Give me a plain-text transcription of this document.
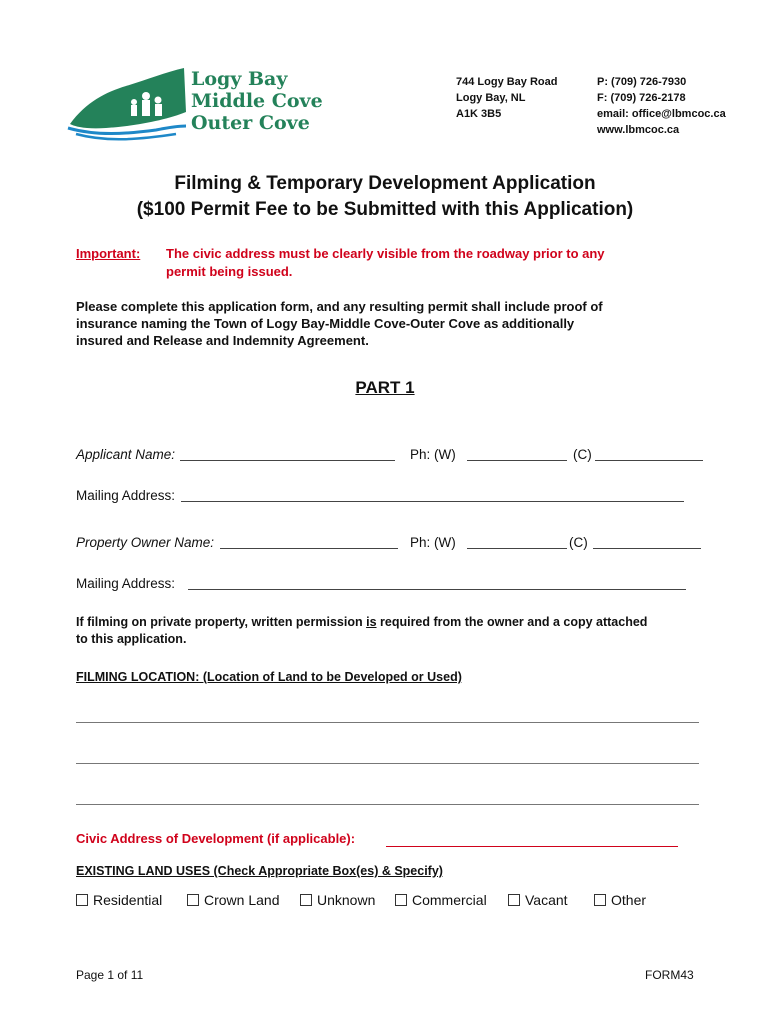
Logy Bay
Middle Cove
Outer Cove
744 Logy Bay Road
Logy Bay, NL
A1K 3B5
P: (709) 726-7930
F: (709) 726-2178
email: office@lbmcoc.ca
www.lbmcoc.ca
Filming & Temporary Development Application
($100 Permit Fee to be Submitted with this Application)
Important: The civic address must be clearly visible from the roadway prior to any
permit being issued.
Please complete this application form, and any resulting permit shall include proof of
insurance naming the Town of Logy Bay-Middle Cove-Outer Cove as additionally
insured and Release and Indemnity Agreement.
PART 1
Applicant Name:	Ph: (W)	(C)
Mailing Address:
Property Owner Name:	Ph: (W)	(C)
Mailing Address:
If filming on private property, written permission is required from the owner and a copy attached
to this application.
FILMING LOCATION: (Location of Land to be Developed or Used)
Civic Address of Development (if applicable):
EXISTING LAND USES (Check Appropriate Box(es) & Specify)
Residential	Crown Land	Unknown	Commercial	Vacant	Other
Page 1 of 11	FORM43
